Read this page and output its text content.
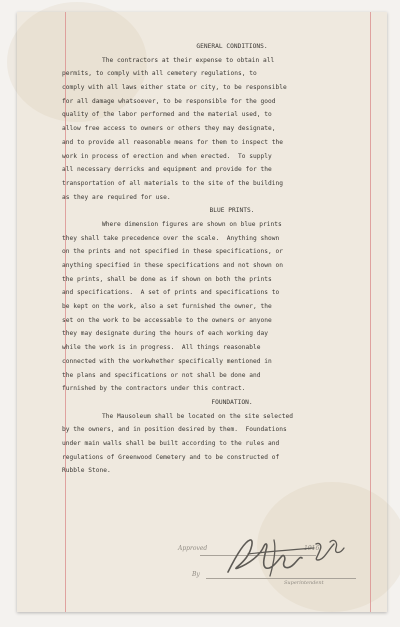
GENERAL CONDITIONS.
The contractors at their expense to obtain all
permits, to comply with all cemetery regulations, to
comply with all laws either state or city, to be responsible
for all damage whatsoever, to be responsible for the good
quality of the labor performed and the material used, to
allow free access to owners or others they may designate,
and to provide all reasonable means for them to inspect the
work in process of erection and when erected.  To supply
all necessary derricks and equipment and provide for the
transportation of all materials to the site of the building
as they are required for use.
BLUE PRINTS.
Where dimension figures are shown on blue prints
they shall take precedence over the scale.  Anything shown
on the prints and not specified in these specifications, or
anything specified in these specifications and not shown on
the prints, shall be done as if shown on both the prints
and specifications.  A set of prints and specifications to
be kept on the work, also a set furnished the owner, the
set on the work to be accessable to the owners or anyone
they may designate during the hours of each working day
while the work is in progress.  All things reasonable
connected with the workwhether specifically mentioned in
the plans and specifications or not shall be done and
furnished by the contractors under this contract.
FOUNDATION.
The Mausoleum shall be located on the site selected
by the owners, and in position desired by them.  Foundations
under main walls shall be built according to the rules and
regulations of Greenwood Cemetery and to be constructed of
Rubble Stone.
Approved	1916
By
Superintendent
